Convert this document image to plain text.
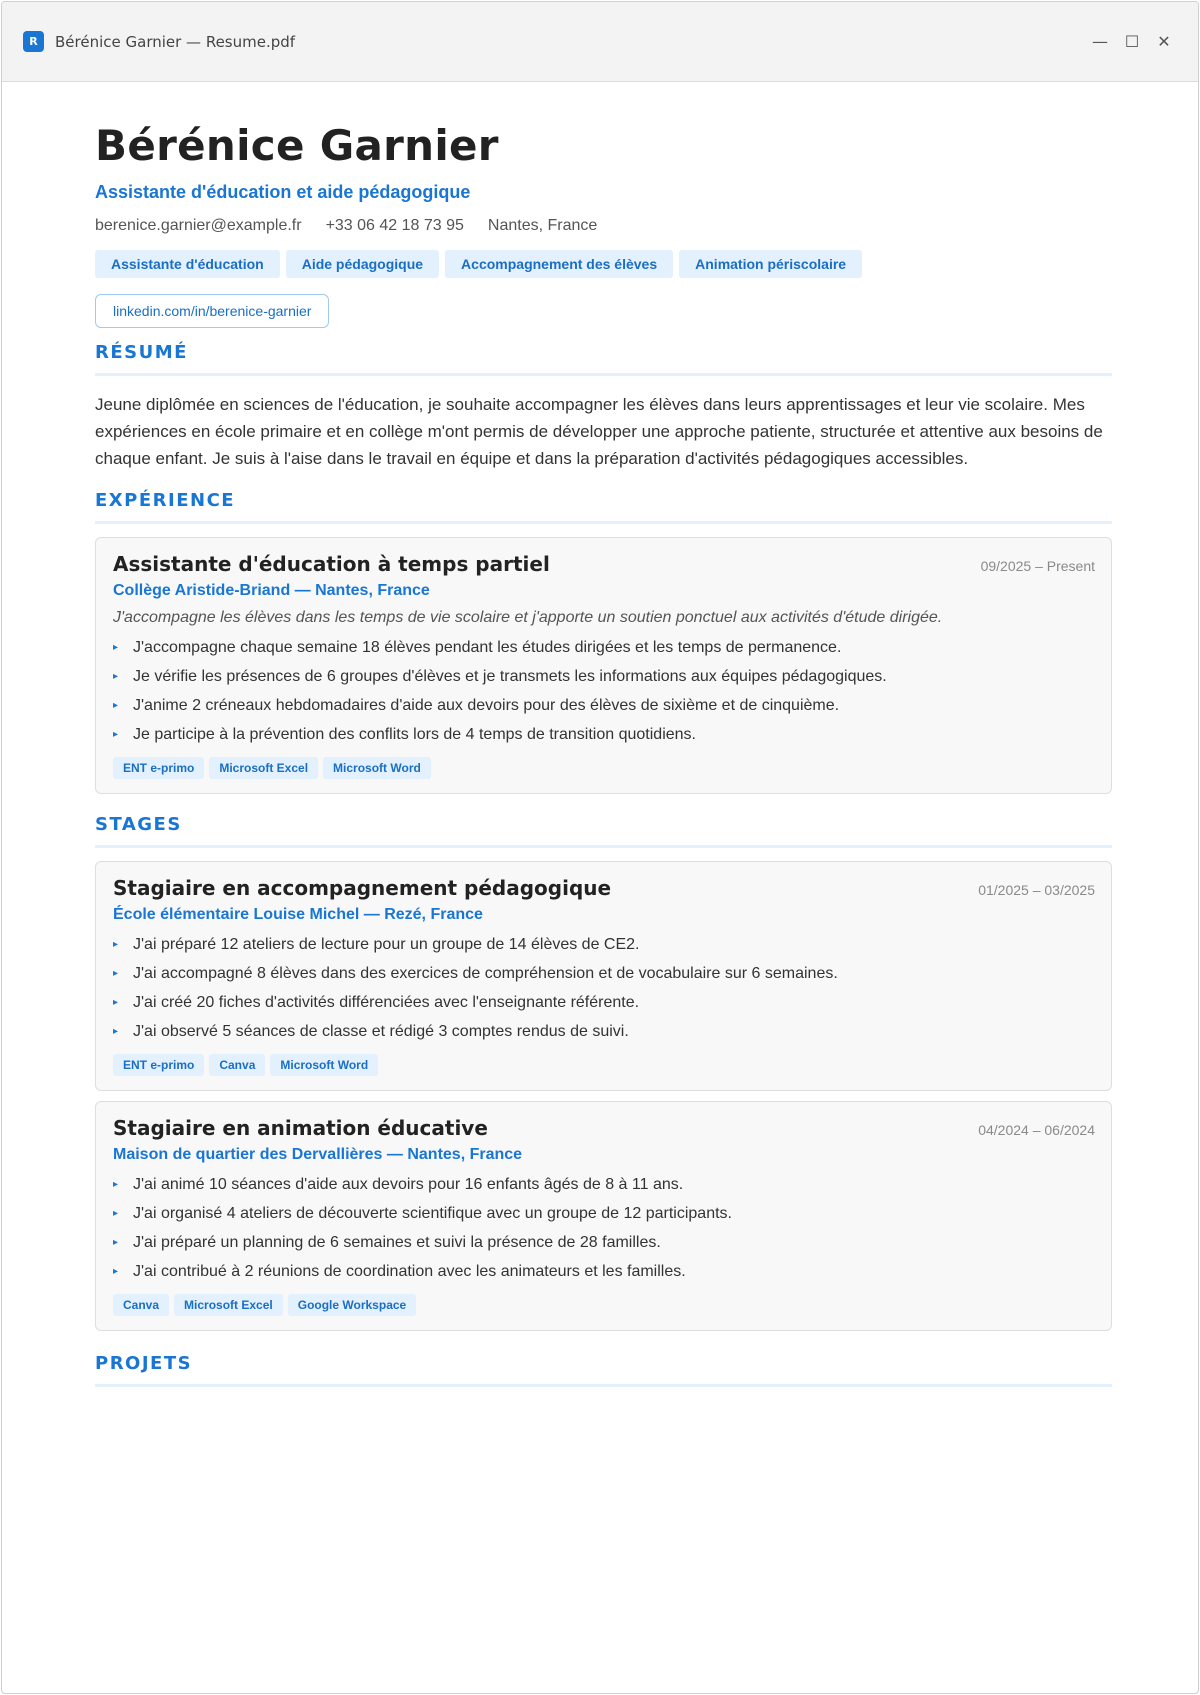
R	Bérénice Garnier — Resume.pdf	—	☐	✕
Bérénice Garnier
Assistante d'éducation et aide pédagogique
berenice.garnier@example.fr +33 06 42 18 73 95 Nantes, France
Assistante d'éducation	Aide pédagogique	Accompagnement des élèves	Animation périscolaire
linkedin.com/in/berenice-garnier
RÉSUMÉ
Jeune diplômée en sciences de l'éducation, je souhaite accompagner les élèves dans leurs apprentissages et leur vie scolaire. Mes expériences en école primaire et en collège m'ont permis de développer une approche patiente, structurée et attentive aux besoins de chaque enfant. Je suis à l'aise dans le travail en équipe et dans la préparation d'activités pédagogiques accessibles.
EXPÉRIENCE
Assistante d'éducation à temps partiel	09/2025 – Present
Collège Aristide-Briand — Nantes, France
J'accompagne les élèves dans les temps de vie scolaire et j'apporte un soutien ponctuel aux activités d'étude dirigée.
▸ J'accompagne chaque semaine 18 élèves pendant les études dirigées et les temps de permanence.
▸ Je vérifie les présences de 6 groupes d'élèves et je transmets les informations aux équipes pédagogiques.
▸ J'anime 2 créneaux hebdomadaires d'aide aux devoirs pour des élèves de sixième et de cinquième.
▸ Je participe à la prévention des conflits lors de 4 temps de transition quotidiens.
ENT e-primo	Microsoft Excel	Microsoft Word
STAGES
Stagiaire en accompagnement pédagogique	01/2025 – 03/2025
École élémentaire Louise Michel — Rezé, France
▸ J'ai préparé 12 ateliers de lecture pour un groupe de 14 élèves de CE2.
▸ J'ai accompagné 8 élèves dans des exercices de compréhension et de vocabulaire sur 6 semaines.
▸ J'ai créé 20 fiches d'activités différenciées avec l'enseignante référente.
▸ J'ai observé 5 séances de classe et rédigé 3 comptes rendus de suivi.
ENT e-primo	Canva	Microsoft Word
Stagiaire en animation éducative	04/2024 – 06/2024
Maison de quartier des Dervallières — Nantes, France
▸ J'ai animé 10 séances d'aide aux devoirs pour 16 enfants âgés de 8 à 11 ans.
▸ J'ai organisé 4 ateliers de découverte scientifique avec un groupe de 12 participants.
▸ J'ai préparé un planning de 6 semaines et suivi la présence de 28 familles.
▸ J'ai contribué à 2 réunions de coordination avec les animateurs et les familles.
Canva	Microsoft Excel	Google Workspace
PROJETS
